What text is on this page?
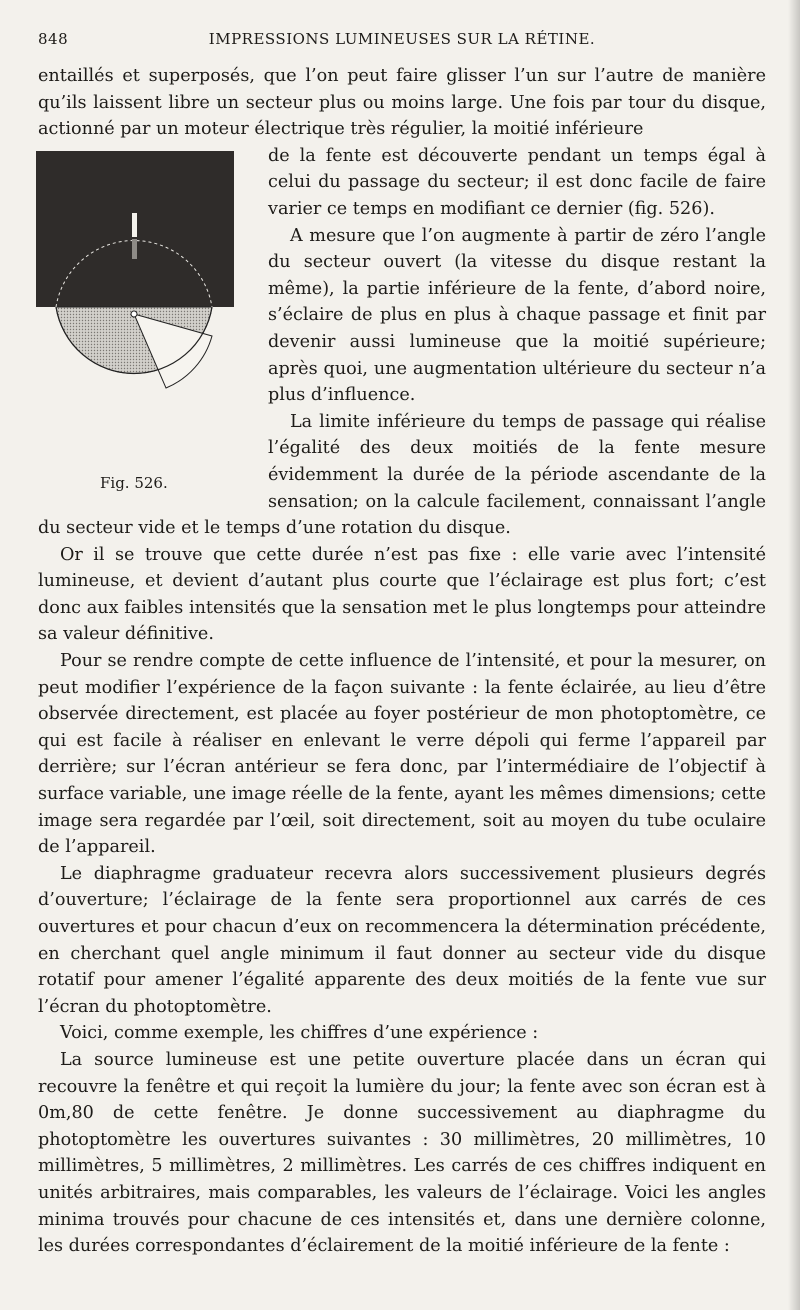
848	IMPRESSIONS LUMINEUSES SUR LA RÉTINE.

entaillés et superposés, que l’on peut faire glisser l’un sur l’autre de manière qu’ils laissent libre un secteur plus ou moins large. Une fois par tour du disque, actionné par un moteur électrique très régulier, la moitié inférieure

Fig. 526.

de la fente est découverte pendant un temps égal à celui du passage du secteur; il est donc facile de faire varier ce temps en modifiant ce dernier (fig. 526).

A mesure que l’on augmente à partir de zéro l’angle du secteur ouvert (la vitesse du disque restant la même), la partie inférieure de la fente, d’abord noire, s’éclaire de plus en plus à chaque passage et finit par devenir aussi lumineuse que la moitié supérieure; après quoi, une augmentation ultérieure du secteur n’a plus d’influence.

La limite inférieure du temps de passage qui réalise l’égalité des deux moitiés de la fente mesure évidemment la durée de la période ascendante de la sensation; on la calcule facilement, connaissant l’angle du secteur vide et le temps d’une rotation du disque.

Or il se trouve que cette durée n’est pas fixe : elle varie avec l’intensité lumineuse, et devient d’autant plus courte que l’éclairage est plus fort; c’est donc aux faibles intensités que la sensation met le plus longtemps pour atteindre sa valeur définitive.

Pour se rendre compte de cette influence de l’intensité, et pour la mesurer, on peut modifier l’expérience de la façon suivante : la fente éclairée, au lieu d’être observée directement, est placée au foyer postérieur de mon photoptomètre, ce qui est facile à réaliser en enlevant le verre dépoli qui ferme l’appareil par derrière; sur l’écran antérieur se fera donc, par l’intermédiaire de l’objectif à surface variable, une image réelle de la fente, ayant les mêmes dimensions; cette image sera regardée par l’œil, soit directement, soit au moyen du tube oculaire de l’appareil.

Le diaphragme graduateur recevra alors successivement plusieurs degrés d’ouverture; l’éclairage de la fente sera proportionnel aux carrés de ces ouvertures et pour chacun d’eux on recommencera la détermination précédente, en cherchant quel angle minimum il faut donner au secteur vide du disque rotatif pour amener l’égalité apparente des deux moitiés de la fente vue sur l’écran du photoptomètre.

Voici, comme exemple, les chiffres d’une expérience :

La source lumineuse est une petite ouverture placée dans un écran qui recouvre la fenêtre et qui reçoit la lumière du jour; la fente avec son écran est à 0m,80 de cette fenêtre. Je donne successivement au diaphragme du photoptomètre les ouvertures suivantes : 30 millimètres, 20 millimètres, 10 millimètres, 5 millimètres, 2 millimètres. Les carrés de ces chiffres indiquent en unités arbitraires, mais comparables, les valeurs de l’éclairage. Voici les angles minima trouvés pour chacune de ces intensités et, dans une dernière colonne, les durées correspondantes d’éclairement de la moitié inférieure de la fente :
